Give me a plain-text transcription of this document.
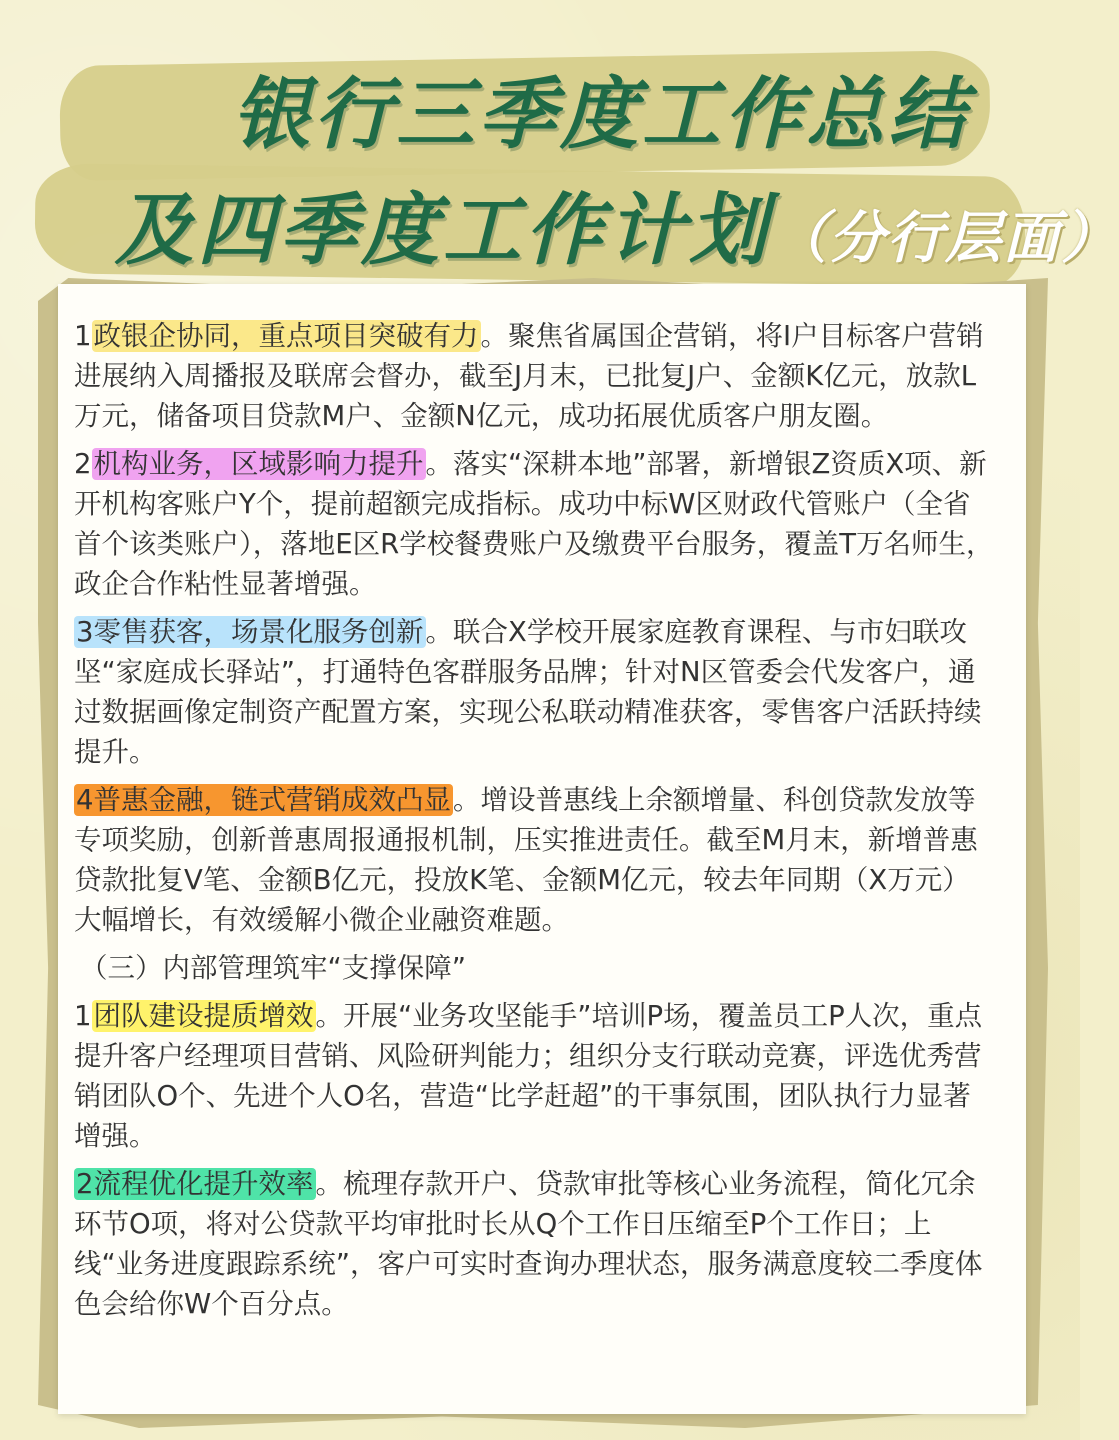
银行三季度工作总结
及四季度工作计划（分行层面）

1政银企协同，重点项目突破有力。聚焦省属国企营销，将I户目标客户营销进展纳入周播报及联席会督办，截至J月末，已批复J户、金额K亿元，放款L万元，储备项目贷款M户、金额N亿元，成功拓展优质客户朋友圈。

2机构业务，区域影响力提升。落实“深耕本地”部署，新增银Z资质X项、新开机构客账户Y个，提前超额完成指标。成功中标W区财政代管账户（全省首个该类账户），落地E区R学校餐费账户及缴费平台服务，覆盖T万名师生，政企合作粘性显著增强。

3零售获客，场景化服务创新。联合X学校开展家庭教育课程、与市妇联攻坚“家庭成长驿站”，打通特色客群服务品牌；针对N区管委会代发客户，通过数据画像定制资产配置方案，实现公私联动精准获客，零售客户活跃持续提升。

4普惠金融，链式营销成效凸显。增设普惠线上余额增量、科创贷款发放等专项奖励，创新普惠周报通报机制，压实推进责任。截至M月末，新增普惠贷款批复V笔、金额B亿元，投放K笔、金额M亿元，较去年同期（X万元）大幅增长，有效缓解小微企业融资难题。

（三）内部管理筑牢“支撑保障”

1团队建设提质增效。开展“业务攻坚能手”培训P场，覆盖员工P人次，重点提升客户经理项目营销、风险研判能力；组织分支行联动竞赛，评选优秀营销团队O个、先进个人O名，营造“比学赶超”的干事氛围，团队执行力显著增强。

2流程优化提升效率。梳理存款开户、贷款审批等核心业务流程，简化冗余环节O项，将对公贷款平均审批时长从Q个工作日压缩至P个工作日；上线“业务进度跟踪系统”，客户可实时查询办理状态，服务满意度较二季度体色会给你W个百分点。
